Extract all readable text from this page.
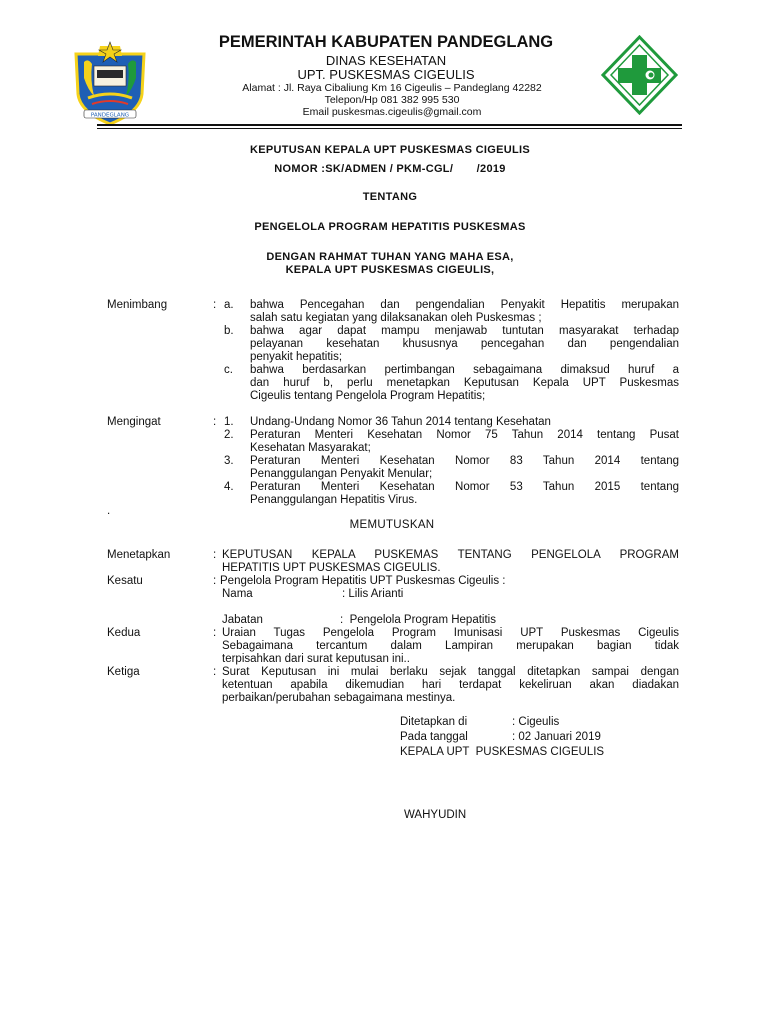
PANDEGLANG
PEMERINTAH KABUPATEN PANDEGLANG
DINAS KESEHATAN
UPT. PUSKESMAS CIGEULIS
Alamat : Jl. Raya Cibaliung Km 16 Cigeulis – Pandeglang 42282
Telepon/Hp 081 382 995 530
Email puskesmas.cigeulis@gmail.com
KEPUTUSAN KEPALA UPT PUSKESMAS CIGEULIS
NOMOR :SK/ADMEN / PKM-CGL/       /2019
TENTANG
PENGELOLA PROGRAM HEPATITIS PUSKESMAS
DENGAN RAHMAT TUHAN YANG MAHA ESA,
KEPALA UPT PUSKESMAS CIGEULIS,
Menimbang	: a. bahwa Pencegahan dan pengendalian Penyakit Hepatitis merupakan
salah satu kegiatan yang dilaksanakan oleh Puskesmas ;
b. bahwa agar dapat mampu menjawab tuntutan masyarakat terhadap
pelayanan kesehatan khususnya pencegahan dan pengendalian
penyakit hepatitis;
c. bahwa berdasarkan pertimbangan sebagaimana dimaksud huruf a
dan huruf b, perlu menetapkan Keputusan Kepala UPT Puskesmas
Cigeulis tentang Pengelola Program Hepatitis;
Mengingat	: 1. Undang-Undang Nomor 36 Tahun 2014 tentang Kesehatan
2. Peraturan Menteri Kesehatan Nomor 75 Tahun 2014 tentang Pusat
Kesehatan Masyarakat;
3. Peraturan Menteri Kesehatan Nomor 83 Tahun 2014 tentang
Penanggulangan Penyakit Menular;
4. Peraturan Menteri Kesehatan Nomor 53 Tahun 2015 tentang
Penanggulangan Hepatitis Virus.
.
MEMUTUSKAN
Menetapkan	: KEPUTUSAN KEPALA PUSKEMAS TENTANG PENGELOLA PROGRAM
HEPATITIS UPT PUSKESMAS CIGEULIS.
Kesatu	: Pengelola Program Hepatitis UPT Puskesmas Cigeulis :
Nama	: Lilis Arianti
Jabatan	:  Pengelola Program Hepatitis
Kedua	: Uraian Tugas Pengelola Program Imunisasi UPT Puskesmas Cigeulis
Sebagaimana tercantum dalam Lampiran merupakan bagian tidak
terpisahkan dari surat keputusan ini..
Ketiga	: Surat Keputusan ini mulai berlaku sejak tanggal ditetapkan sampai dengan
ketentuan apabila dikemudian hari terdapat kekeliruan akan diadakan
perbaikan/perubahan sebagaimana mestinya.
Ditetapkan di	: Cigeulis
Pada tanggal	: 02 Januari 2019
KEPALA UPT  PUSKESMAS CIGEULIS
WAHYUDIN
